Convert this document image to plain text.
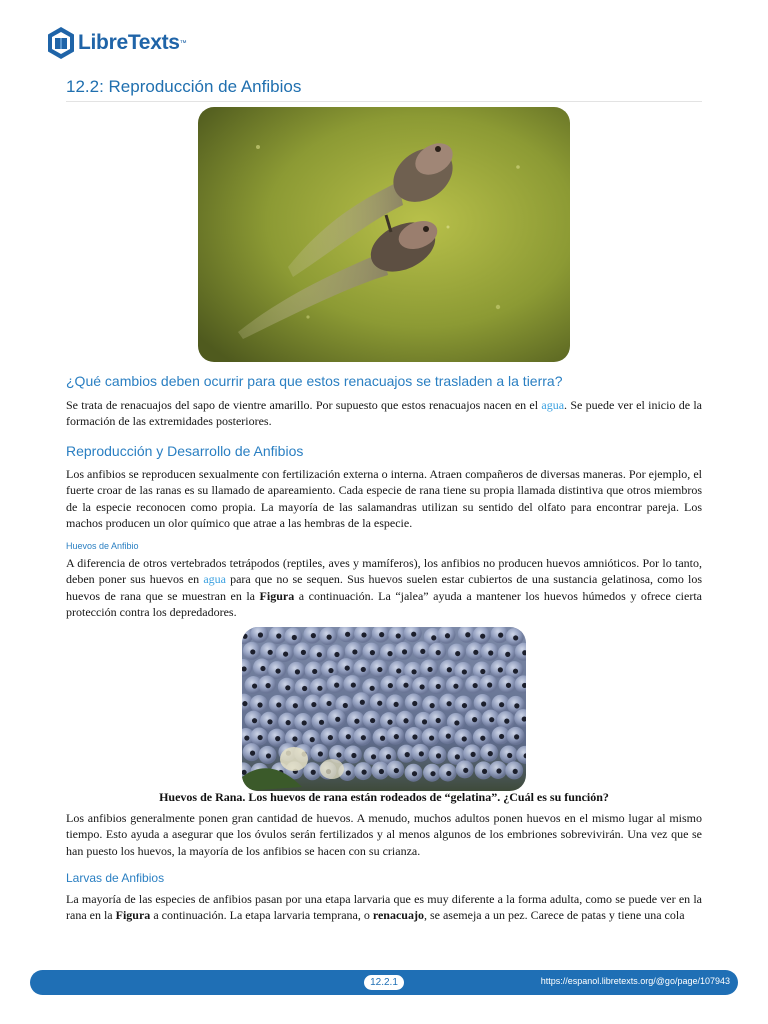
LibreTexts ™
12.2: Reproducción de Anfibios
¿Qué cambios deben ocurrir para que estos renacuajos se trasladen a la tierra?
Se trata de renacuajos del sapo de vientre amarillo. Por supuesto que estos renacuajos nacen en el agua. Se puede ver el inicio de la formación de las extremidades posteriores.
Reproducción y Desarrollo de Anfibios
Los anfibios se reproducen sexualmente con fertilización externa o interna. Atraen compañeros de diversas maneras. Por ejemplo, el fuerte croar de las ranas es su llamado de apareamiento. Cada especie de rana tiene su propia llamada distintiva que otros miembros de la especie reconocen como propia. La mayoría de las salamandras utilizan su sentido del olfato para encontrar pareja. Los machos producen un olor químico que atrae a las hembras de la especie.
Huevos de Anfibio
A diferencia de otros vertebrados tetrápodos (reptiles, aves y mamíferos), los anfibios no producen huevos amnióticos. Por lo tanto, deben poner sus huevos en agua para que no se sequen. Sus huevos suelen estar cubiertos de una sustancia gelatinosa, como los huevos de rana que se muestran en la Figura a continuación. La “jalea” ayuda a mantener los huevos húmedos y ofrece cierta protección contra los depredadores.
Huevos de Rana. Los huevos de rana están rodeados de “gelatina”. ¿Cuál es su función?
Los anfibios generalmente ponen gran cantidad de huevos. A menudo, muchos adultos ponen huevos en el mismo lugar al mismo tiempo. Esto ayuda a asegurar que los óvulos serán fertilizados y al menos algunos de los embriones sobrevivirán. Una vez que se han puesto los huevos, la mayoría de los anfibios se hacen con su crianza.
Larvas de Anfibios
La mayoría de las especies de anfibios pasan por una etapa larvaria que es muy diferente a la forma adulta, como se puede ver en la rana en la Figura a continuación. La etapa larvaria temprana, o renacuajo, se asemeja a un pez. Carece de patas y tiene una cola
12.2.1	https://espanol.libretexts.org/@go/page/107943
